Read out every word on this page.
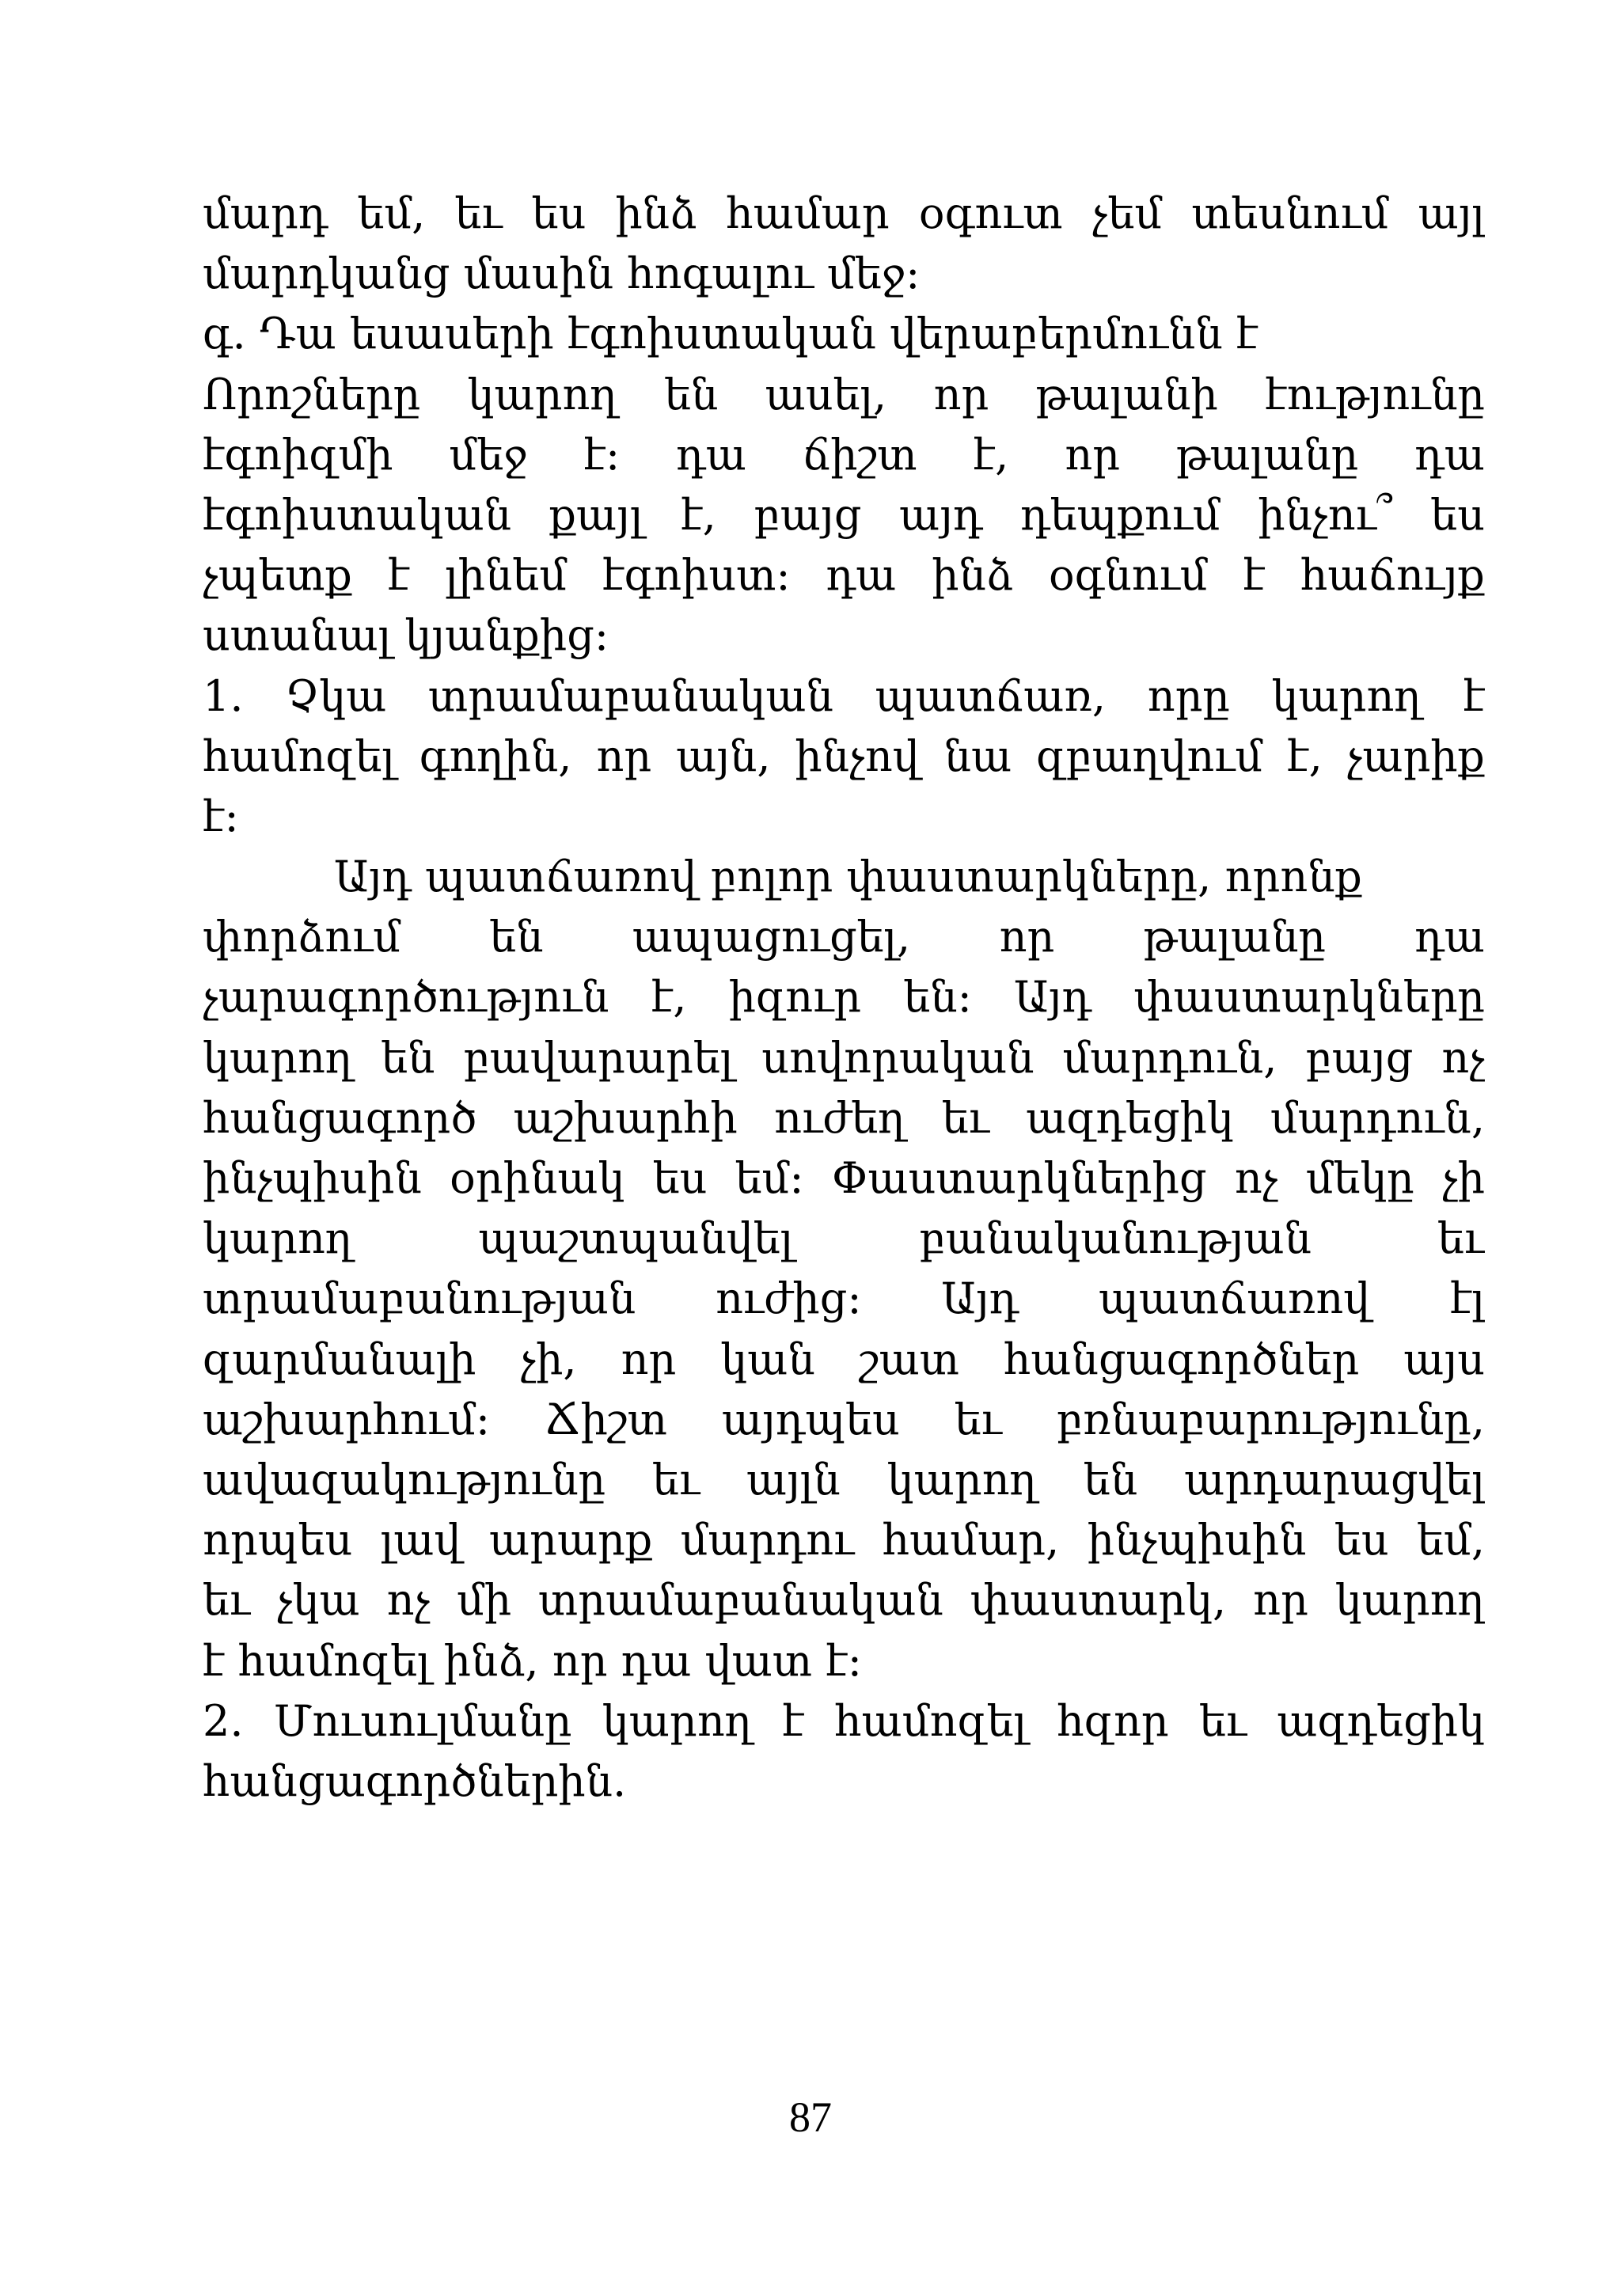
մարդ եմ, եւ ես ինձ համար օգուտ չեմ տեսնում այլ
մարդկանց մասին հոգալու մեջ:
գ. Դա եսասերի էգոիստական վերաբերմունն է
Որոշները կարող են ասել, որ թալանի էությունը
էգոիզմի մեջ է: դա ճիշտ է, որ թալանը դա
էգոիստական քայլ է, բայց այդ դեպքում ինչու՞ ես
չպետք է լինեմ էգոիստ: դա ինձ օգնում է հաճույք
ստանալ կյանքից:
1. Չկա տրամաբանական պատճառ, որը կարող է
համոզել գողին, որ այն, ինչով նա զբաղվում է, չարիք
է:
Այդ պատճառով բոլոր փաստարկները, որոնք
փորձում են ապացուցել, որ թալանը դա
չարագործություն է, իզուր են: Այդ փաստարկները
կարող են բավարարել սովորական մարդուն, բայց ոչ
հանցագործ աշխարհի ուժեղ եւ ազդեցիկ մարդուն,
ինչպիսին օրինակ ես եմ: Փաստարկներից ոչ մեկը չի
կարող պաշտպանվել բանականության եւ
տրամաբանության ուժից: Այդ պատճառով էլ
զարմանալի չի, որ կան շատ հանցագործներ այս
աշխարհում: Ճիշտ այդպես եւ բռնաբարությունը,
ավազակությունը եւ այլն կարող են արդարացվել
որպես լավ արարք մարդու համար, ինչպիսին ես եմ,
եւ չկա ոչ մի տրամաբանական փաստարկ, որ կարող
է համոզել ինձ, որ դա վատ է:
2. Մուսուլմանը կարող է համոզել հզոր եւ ազդեցիկ
հանցագործներին.
87
